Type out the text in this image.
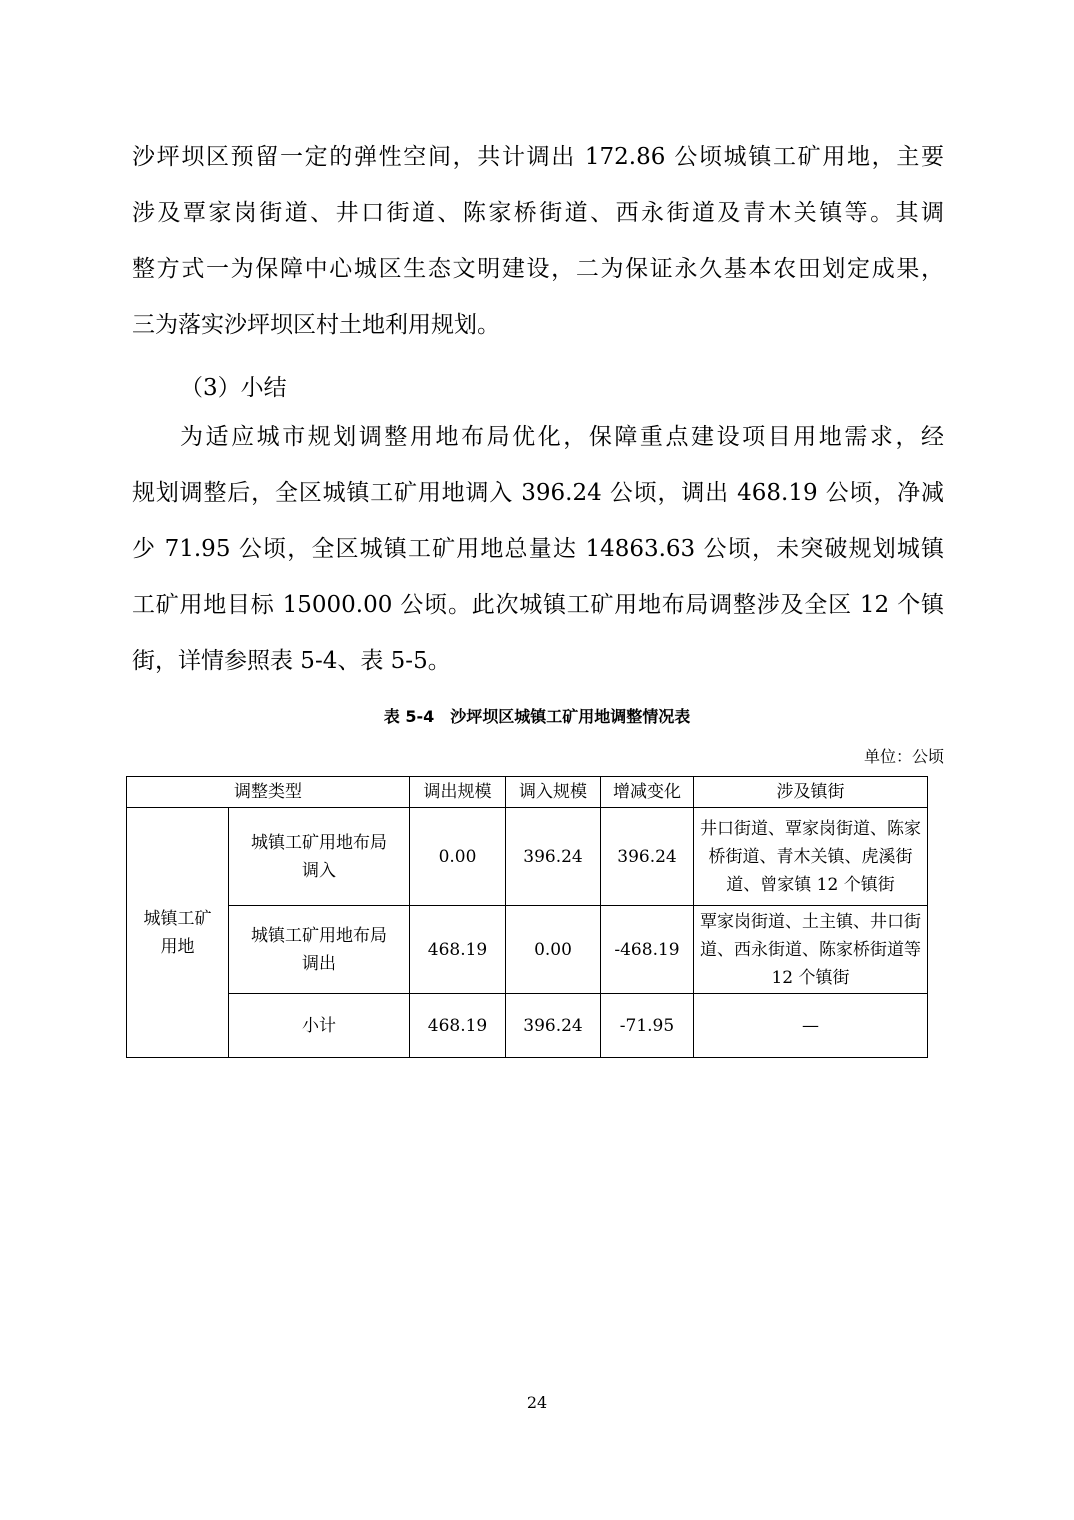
沙坪坝区预留一定的弹性空间，共计调出 172.86 公顷城镇工矿用地，主要

涉及覃家岗街道、井口街道、陈家桥街道、西永街道及青木关镇等。其调

整方式一为保障中心城区生态文明建设，二为保证永久基本农田划定成果，

三为落实沙坪坝区村土地利用规划。

（3）小结

为适应城市规划调整用地布局优化，保障重点建设项目用地需求，经

规划调整后，全区城镇工矿用地调入 396.24 公顷，调出 468.19 公顷，净减

少 71.95 公顷，全区城镇工矿用地总量达 14863.63 公顷，未突破规划城镇

工矿用地目标 15000.00 公顷。此次城镇工矿用地布局调整涉及全区 12 个镇

街，详情参照表 5-4、表 5-5。

表 5-4　沙坪坝区城镇工矿用地调整情况表
单位：公顷
调整类型		调出规模	调入规模	增减变化	涉及镇街
城镇工矿用地	城镇工矿用地布局调入	0.00	396.24	396.24	井口街道、覃家岗街道、陈家桥街道、青木关镇、虎溪街道、曾家镇 12 个镇街
	城镇工矿用地布局调出	468.19	0.00	-468.19	覃家岗街道、土主镇、井口街道、西永街道、陈家桥街道等 12 个镇街
	小计	468.19	396.24	-71.95	—
24
